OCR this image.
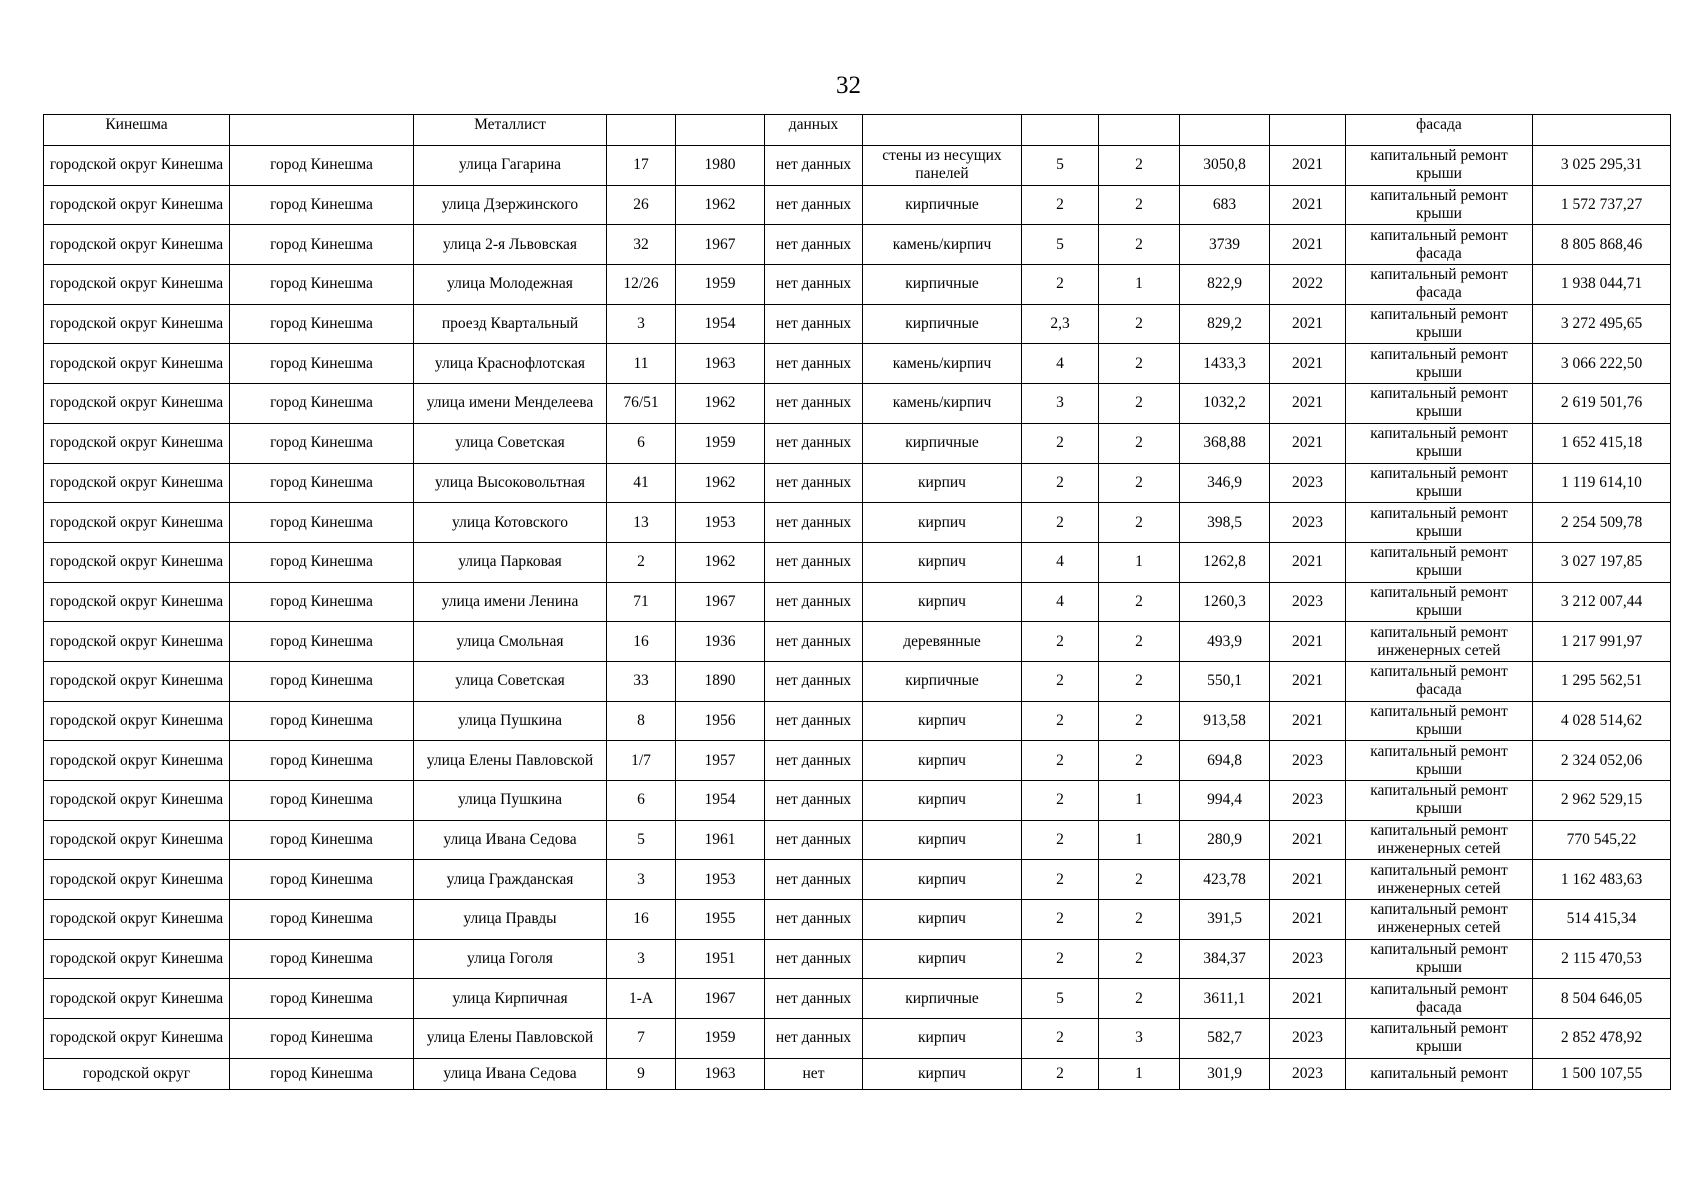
32
Кинешма		Металлист			данных						фасада	
городской округ Кинешма	город Кинешма	улица Гагарина	17	1980	нет данных	стены из несущих панелей	5	2	3050,8	2021	капитальный ремонт крыши	3 025 295,31
городской округ Кинешма	город Кинешма	улица Дзержинского	26	1962	нет данных	кирпичные	2	2	683	2021	капитальный ремонт крыши	1 572 737,27
городской округ Кинешма	город Кинешма	улица 2-я Львовская	32	1967	нет данных	камень/кирпич	5	2	3739	2021	капитальный ремонт фасада	8 805 868,46
городской округ Кинешма	город Кинешма	улица Молодежная	12/26	1959	нет данных	кирпичные	2	1	822,9	2022	капитальный ремонт фасада	1 938 044,71
городской округ Кинешма	город Кинешма	проезд Квартальный	3	1954	нет данных	кирпичные	2,3	2	829,2	2021	капитальный ремонт крыши	3 272 495,65
городской округ Кинешма	город Кинешма	улица Краснофлотская	11	1963	нет данных	камень/кирпич	4	2	1433,3	2021	капитальный ремонт крыши	3 066 222,50
городской округ Кинешма	город Кинешма	улица имени Менделеева	76/51	1962	нет данных	камень/кирпич	3	2	1032,2	2021	капитальный ремонт крыши	2 619 501,76
городской округ Кинешма	город Кинешма	улица Советская	6	1959	нет данных	кирпичные	2	2	368,88	2021	капитальный ремонт крыши	1 652 415,18
городской округ Кинешма	город Кинешма	улица Высоковольтная	41	1962	нет данных	кирпич	2	2	346,9	2023	капитальный ремонт крыши	1 119 614,10
городской округ Кинешма	город Кинешма	улица Котовского	13	1953	нет данных	кирпич	2	2	398,5	2023	капитальный ремонт крыши	2 254 509,78
городской округ Кинешма	город Кинешма	улица Парковая	2	1962	нет данных	кирпич	4	1	1262,8	2021	капитальный ремонт крыши	3 027 197,85
городской округ Кинешма	город Кинешма	улица имени Ленина	71	1967	нет данных	кирпич	4	2	1260,3	2023	капитальный ремонт крыши	3 212 007,44
городской округ Кинешма	город Кинешма	улица Смольная	16	1936	нет данных	деревянные	2	2	493,9	2021	капитальный ремонт инженерных сетей	1 217 991,97
городской округ Кинешма	город Кинешма	улица Советская	33	1890	нет данных	кирпичные	2	2	550,1	2021	капитальный ремонт фасада	1 295 562,51
городской округ Кинешма	город Кинешма	улица Пушкина	8	1956	нет данных	кирпич	2	2	913,58	2021	капитальный ремонт крыши	4 028 514,62
городской округ Кинешма	город Кинешма	улица Елены Павловской	1/7	1957	нет данных	кирпич	2	2	694,8	2023	капитальный ремонт крыши	2 324 052,06
городской округ Кинешма	город Кинешма	улица Пушкина	6	1954	нет данных	кирпич	2	1	994,4	2023	капитальный ремонт крыши	2 962 529,15
городской округ Кинешма	город Кинешма	улица Ивана Седова	5	1961	нет данных	кирпич	2	1	280,9	2021	капитальный ремонт инженерных сетей	770 545,22
городской округ Кинешма	город Кинешма	улица Гражданская	3	1953	нет данных	кирпич	2	2	423,78	2021	капитальный ремонт инженерных сетей	1 162 483,63
городской округ Кинешма	город Кинешма	улица Правды	16	1955	нет данных	кирпич	2	2	391,5	2021	капитальный ремонт инженерных сетей	514 415,34
городской округ Кинешма	город Кинешма	улица Гоголя	3	1951	нет данных	кирпич	2	2	384,37	2023	капитальный ремонт крыши	2 115 470,53
городской округ Кинешма	город Кинешма	улица Кирпичная	1-А	1967	нет данных	кирпичные	5	2	3611,1	2021	капитальный ремонт фасада	8 504 646,05
городской округ Кинешма	город Кинешма	улица Елены Павловской	7	1959	нет данных	кирпич	2	3	582,7	2023	капитальный ремонт крыши	2 852 478,92
городской округ	город Кинешма	улица Ивана Седова	9	1963	нет	кирпич	2	1	301,9	2023	капитальный ремонт	1 500 107,55
